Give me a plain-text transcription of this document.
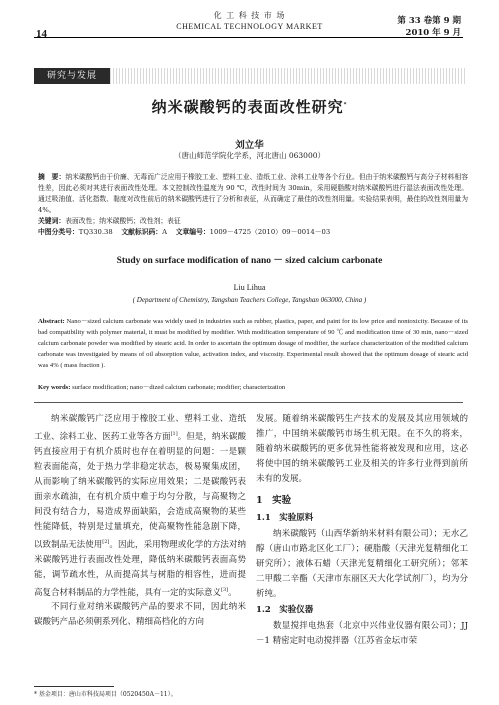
14
化 工 科 技 市 场
CHEMICAL TECHNOLOGY MARKET
第 33 卷第 9 期
2010 年 9 月
研究与发展
纳米碳酸钙的表面改性研究*
刘立华
（唐山师范学院化学系，河北唐山 063000）
摘　要：纳米碳酸钙由于价廉、无毒而广泛应用于橡胶工业、塑料工业、造纸工业、涂料工业等各个行业。但由于纳米碳酸钙与高分子材料相容性差，因此必须对其进行表面改性处理。本文控制改性温度为 90 ℃，改性时间为 30min，采用硬脂酸对纳米碳酸钙进行湿法表面改性处理。通过吸油值、活化指数、黏度对改性前后的纳米碳酸钙进行了分析和表征，从而确定了最佳的改性剂用量。实验结果表明，最佳的改性剂用量为 4%。
关键词：表面改性；纳米碳酸钙；改性剂；表征
中图分类号：TQ330.38 文献标识码：A 文章编号：1009－4725（2010）09－0014－03
Study on surface modification of nano － sized calcium carbonate
Liu Lihua
( Department of Chemistry, Tangshan Teachers College, Tangshan 063000, China )
Abstract: Nano－sized calcium carbonate was widely used in industries such as rubber, plastics, paper, and paint for its low price and nontoxicity. Because of its bad compatibility with polymer material, it must be modified by modifier. With modification temperature of 90 ℃ and modification time of 30 min, nano－sized calcium carbonate powder was modified by stearic acid. In order to ascertain the optimum dosage of modifier, the surface characterization of the modified calcium carbonate was investigated by means of oil absorption value, activation index, and viscosity. Experimental result showed that the optimum dosage of stearic acid was 4% ( mass fraction ).
Key words: surface modification; nano－dized calcium carbonate; modifier; characterization

纳米碳酸钙广泛应用于橡胶工业、塑料工业、造纸工业、涂料工业、医药工业等各方面[1]。但是，纳米碳酸钙直接应用于有机介质时也存在着明显的问题：一是颗粒表面能高，处于热力学非稳定状态，极易聚集成团，从而影响了纳米碳酸钙的实际应用效果；二是碳酸钙表面亲水疏油，在有机介质中难于均匀分散，与高聚物之间没有结合力，易造成界面缺陷，会造成高聚物的某些性能降低，特别是过量填充，使高聚物性能急剧下降，以致制品无法使用[2]。因此，采用物理或化学的方法对纳米碳酸钙进行表面改性处理，降低纳米碳酸钙表面高势能，调节疏水性，从而提高其与树脂的相容性，进而提高复合材料制品的力学性能，具有一定的实际意义[3]。

不同行业对纳米碳酸钙产品的要求不同，因此纳米碳酸钙产品必须朝系列化、精细高档化的方向

发展。随着纳米碳酸钙生产技术的发展及其应用领域的推广，中国纳米碳酸钙市场生机无限。在不久的将来，随着纳米碳酸钙的更多优异性能将被发现和应用，这必将使中国的纳米碳酸钙工业及相关的许多行业得到前所未有的发展。

1　实验
1.1　实验原料

纳米碳酸钙（山西华新纳米材料有限公司）；无水乙醇（唐山市路北区化工厂）；硬脂酸（天津光复精细化工研究所）；液体石蜡（天津光复精细化工研究所）；邻苯二甲酸二辛酯（天津市东丽区天大化学试剂厂），均为分析纯。

1.2　实验仪器

数显搅拌电热套（北京中兴伟业仪器有限公司）；JJ－1 精密定时电动搅拌器（江苏省金坛市荣

* 基金项目：唐山市科技局项目（0520450A－11）。
